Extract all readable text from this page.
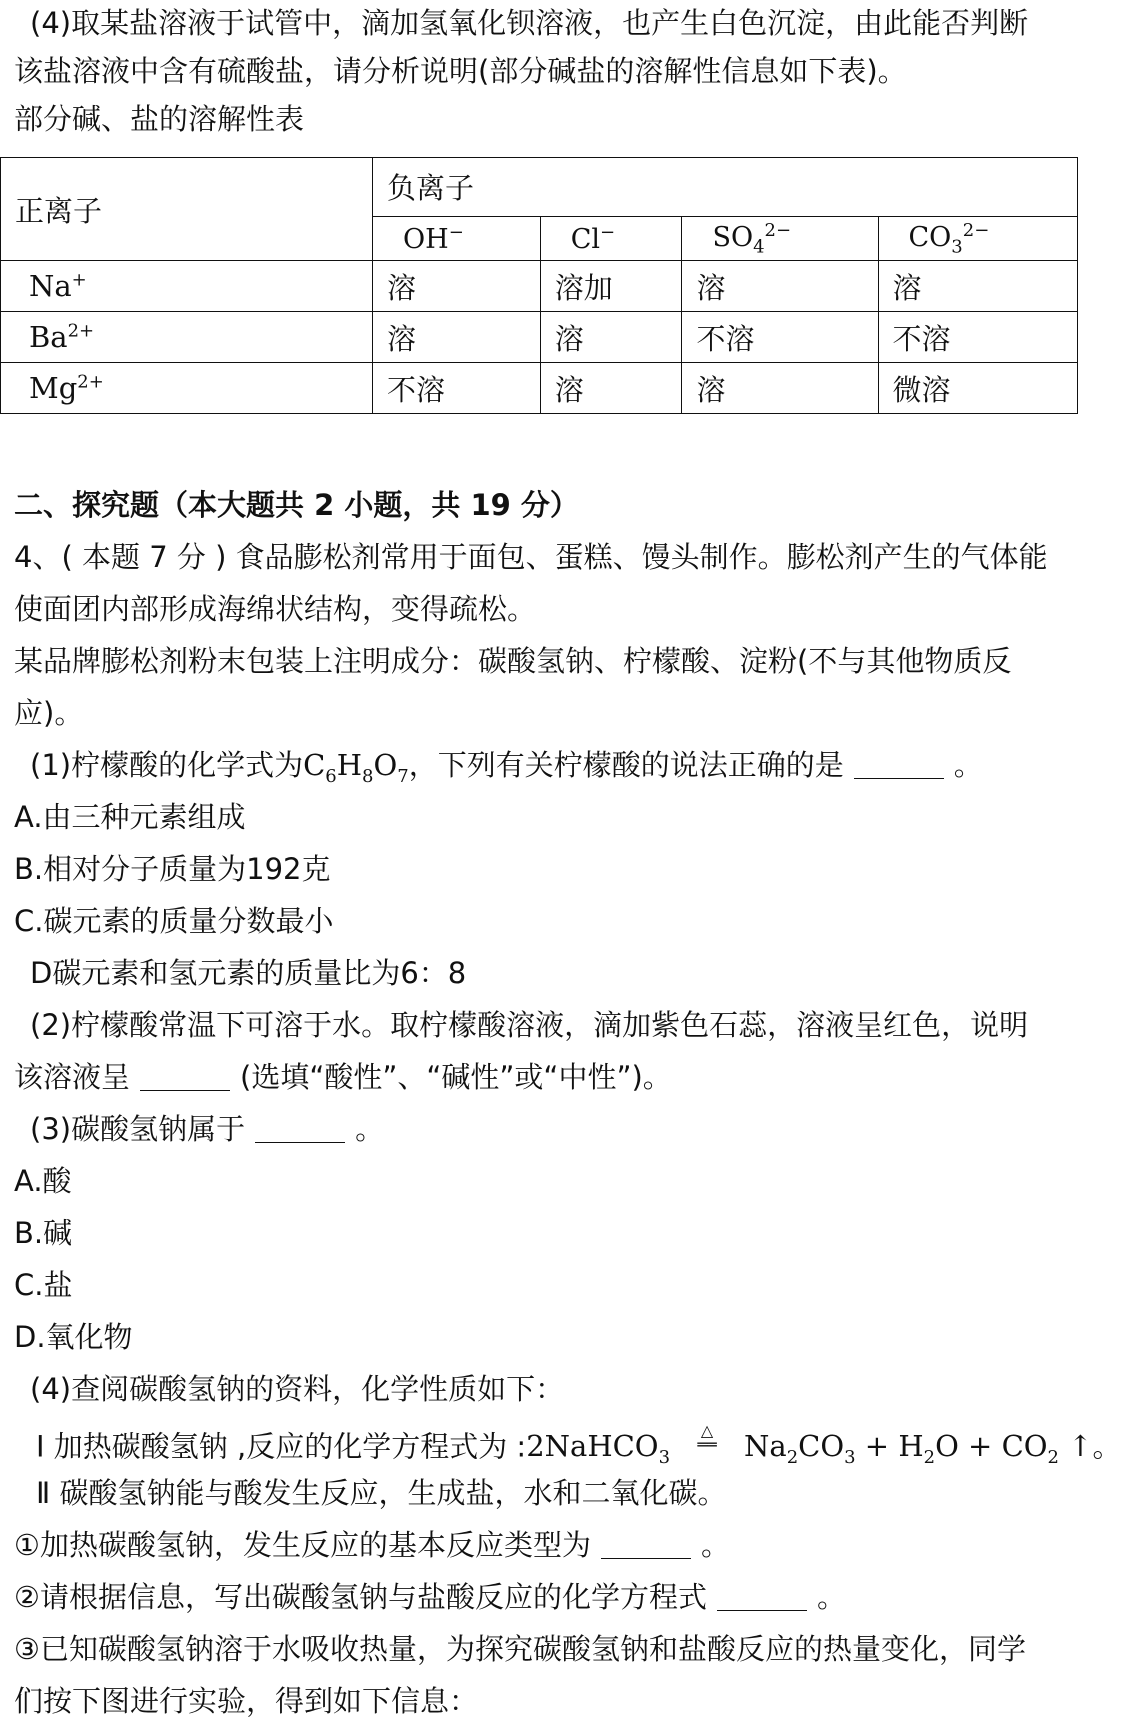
(4)取某盐溶液于试管中，滴加氢氧化钡溶液，也产生白色沉淀，由此能否判断
该盐溶液中含有硫酸盐，请分析说明(部分碱盐的溶解性信息如下表)。
部分碱、盐的溶解性表
正离子	负离子			
	OH−	Cl−	$SO_4^{2-}$	$CO_3^{2-}$
Na+	溶	溶加	溶	溶
$Ba^{2+}$	溶	溶	不溶	不溶
$Mg^{2+}$	不溶	溶	溶	微溶
二、探究题（本大题共 2 小题，共 19 分）
4、( 本题 7 分 ) 食品膨松剂常用于面包、蛋糕、馒头制作。膨松剂产生的气体能
使面团内部形成海绵状结构，变得疏松。
某品牌膨松剂粉末包装上注明成分：碳酸氢钠、柠檬酸、淀粉(不与其他物质反
应)。
(1)柠檬酸的化学式为$C_6H_8O_7$，下列有关柠檬酸的说法正确的是	。
A.由三种元素组成
B.相对分子质量为192克
C.碳元素的质量分数最小
D碳元素和氢元素的质量比为6：8
(2)柠檬酸常温下可溶于水。取柠檬酸溶液，滴加紫色石蕊，溶液呈红色，说明
该溶液呈	(选填“酸性”、“碱性”或“中性”)。
(3)碳酸氢钠属于	。
A.酸
B.碱
C.盐
D.氧化物
(4)查阅碳酸氢钠的资料，化学性质如下：
Ⅰ 加热碳酸氢钠 ,反应的化学方程式为 :2NaHCO$_3$
△
══ $Na_2CO_3 + H_2O + CO_2$ ↑。
Ⅱ 碳酸氢钠能与酸发生反应，生成盐，水和二氧化碳。
①加热碳酸氢钠，发生反应的基本反应类型为	。
②请根据信息，写出碳酸氢钠与盐酸反应的化学方程式	。
③已知碳酸氢钠溶于水吸收热量，为探究碳酸氢钠和盐酸反应的热量变化，同学
们按下图进行实验，得到如下信息：
